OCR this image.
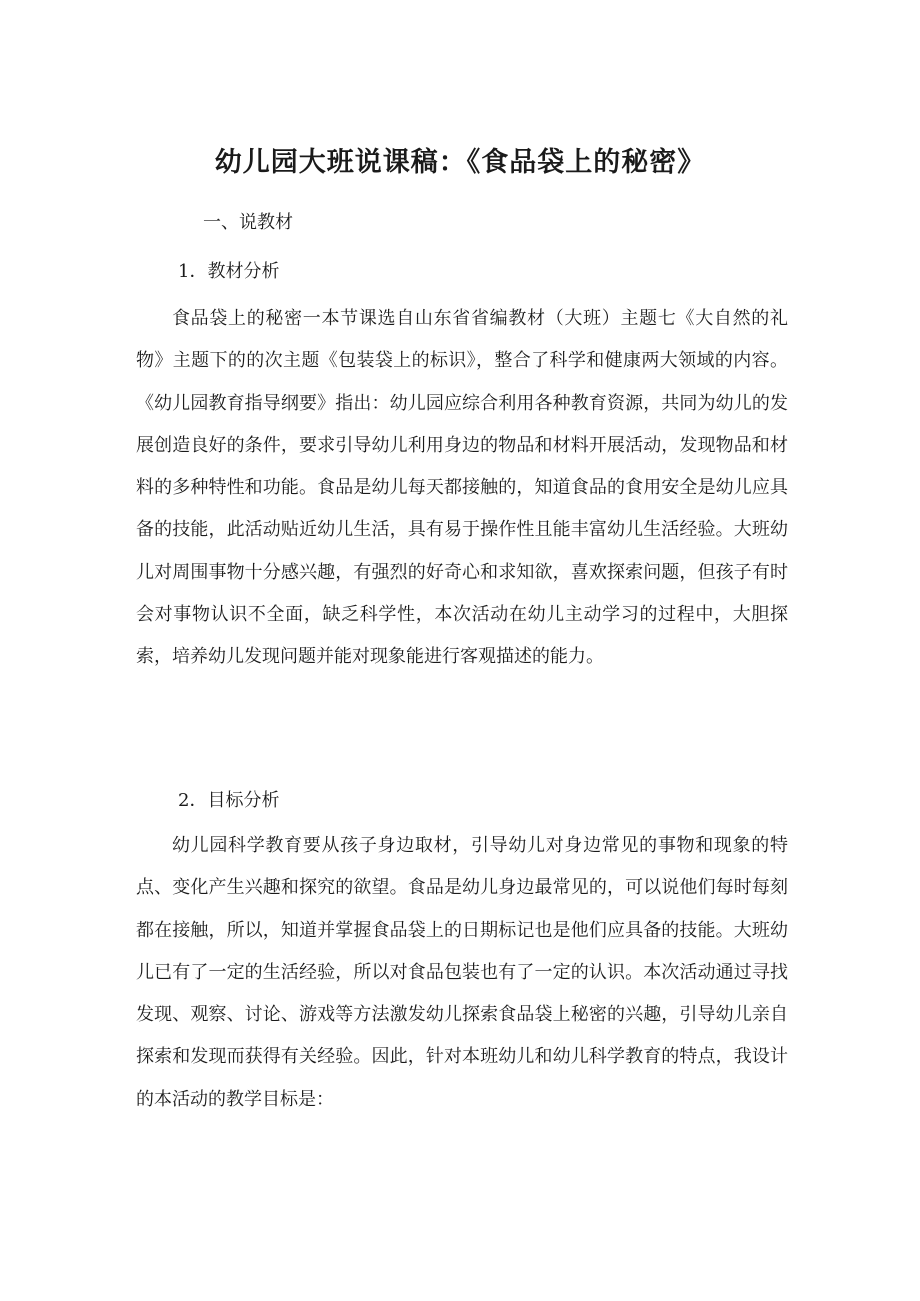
幼儿园大班说课稿：《食品袋上的秘密》

一、说教材

1．教材分析

食品袋上的秘密一本节课选自山东省省编教材（大班）主题七《大自然的礼物》主题下的的次主题《包装袋上的标识》，整合了科学和健康两大领域的内容。《幼儿园教育指导纲要》指出：幼儿园应综合利用各种教育资源，共同为幼儿的发展创造良好的条件，要求引导幼儿利用身边的物品和材料开展活动，发现物品和材料的多种特性和功能。食品是幼儿每天都接触的，知道食品的食用安全是幼儿应具备的技能，此活动贴近幼儿生活，具有易于操作性且能丰富幼儿生活经验。大班幼儿对周围事物十分感兴趣，有强烈的好奇心和求知欲，喜欢探索问题，但孩子有时会对事物认识不全面，缺乏科学性，本次活动在幼儿主动学习的过程中，大胆探索，培养幼儿发现问题并能对现象能进行客观描述的能力。

2．目标分析

幼儿园科学教育要从孩子身边取材，引导幼儿对身边常见的事物和现象的特点、变化产生兴趣和探究的欲望。食品是幼儿身边最常见的，可以说他们每时每刻都在接触，所以，知道并掌握食品袋上的日期标记也是他们应具备的技能。大班幼儿已有了一定的生活经验，所以对食品包装也有了一定的认识。本次活动通过寻找发现、观察、讨论、游戏等方法激发幼儿探索食品袋上秘密的兴趣，引导幼儿亲自探索和发现而获得有关经验。因此，针对本班幼儿和幼儿科学教育的特点，我设计的本活动的教学目标是：
